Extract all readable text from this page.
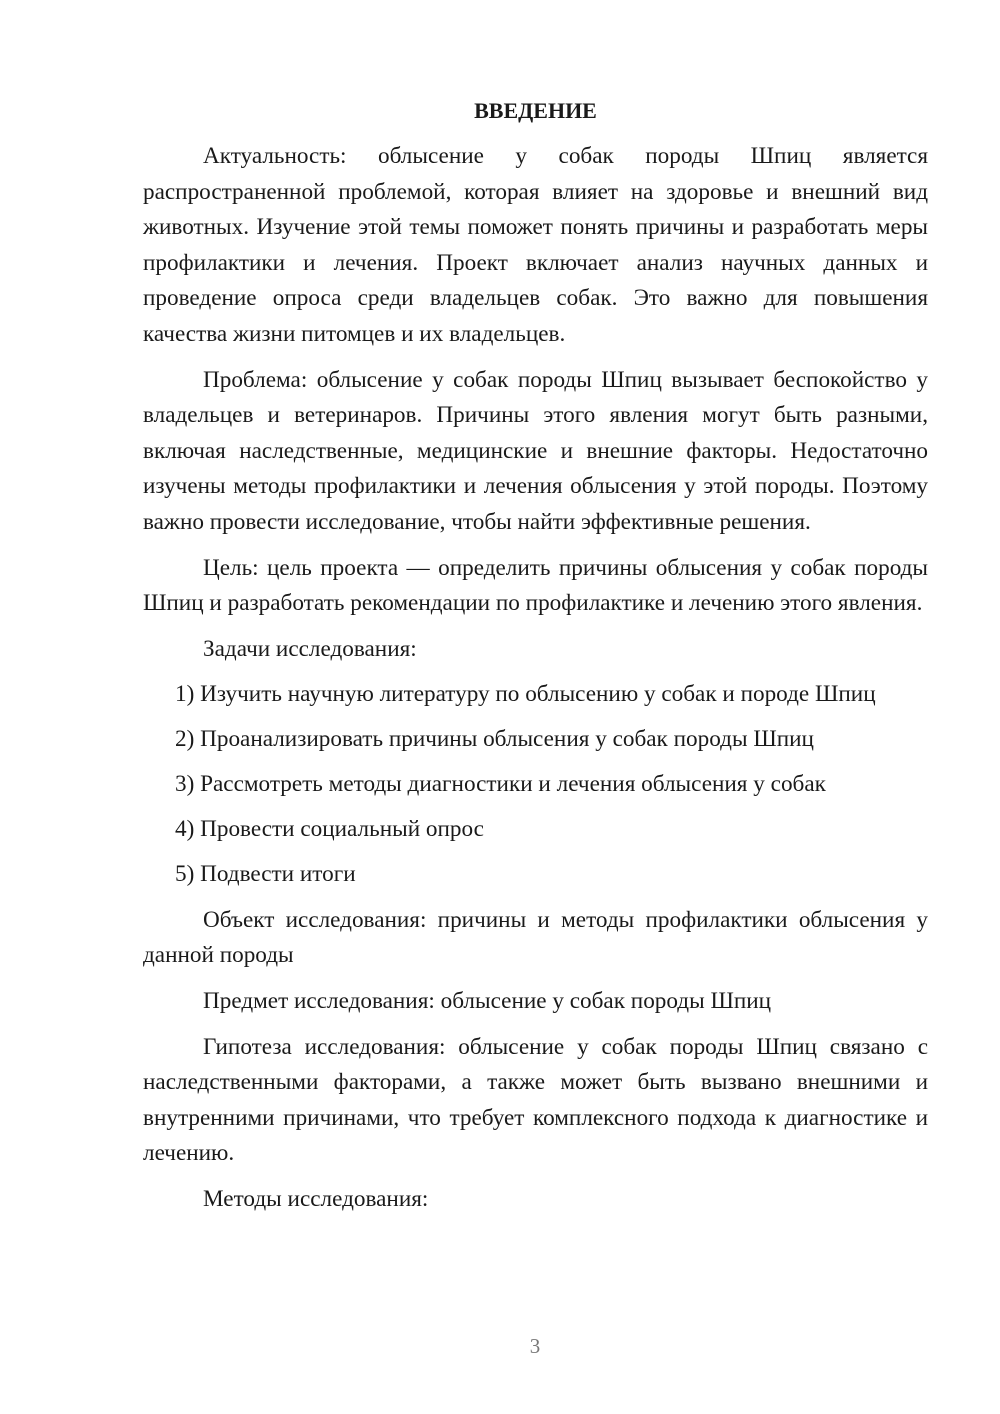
ВВЕДЕНИЕ

Актуальность: облысение у собак породы Шпиц является распространенной проблемой, которая влияет на здоровье и внешний вид животных. Изучение этой темы поможет понять причины и разработать меры профилактики и лечения. Проект включает анализ научных данных и проведение опроса среди владельцев собак. Это важно для повышения качества жизни питомцев и их владельцев.

Проблема: облысение у собак породы Шпиц вызывает беспокойство у владельцев и ветеринаров. Причины этого явления могут быть разными, включая наследственные, медицинские и внешние факторы. Недостаточно изучены методы профилактики и лечения облысения у этой породы. Поэтому важно провести исследование, чтобы найти эффективные решения.

Цель: цель проекта — определить причины облысения у собак породы Шпиц и разработать рекомендации по профилактике и лечению этого явления.

Задачи исследования:

1) Изучить научную литературу по облысению у собак и породе Шпиц
2) Проанализировать причины облысения у собак породы Шпиц
3) Рассмотреть методы диагностики и лечения облысения у собак
4) Провести социальный опрос
5) Подвести итоги

Объект исследования: причины и методы профилактики облысения у данной породы

Предмет исследования: облысение у собак породы Шпиц

Гипотеза исследования: облысение у собак породы Шпиц связано с наследственными факторами, а также может быть вызвано внешними и внутренними причинами, что требует комплексного подхода к диагностике и лечению.

Методы исследования:

3
